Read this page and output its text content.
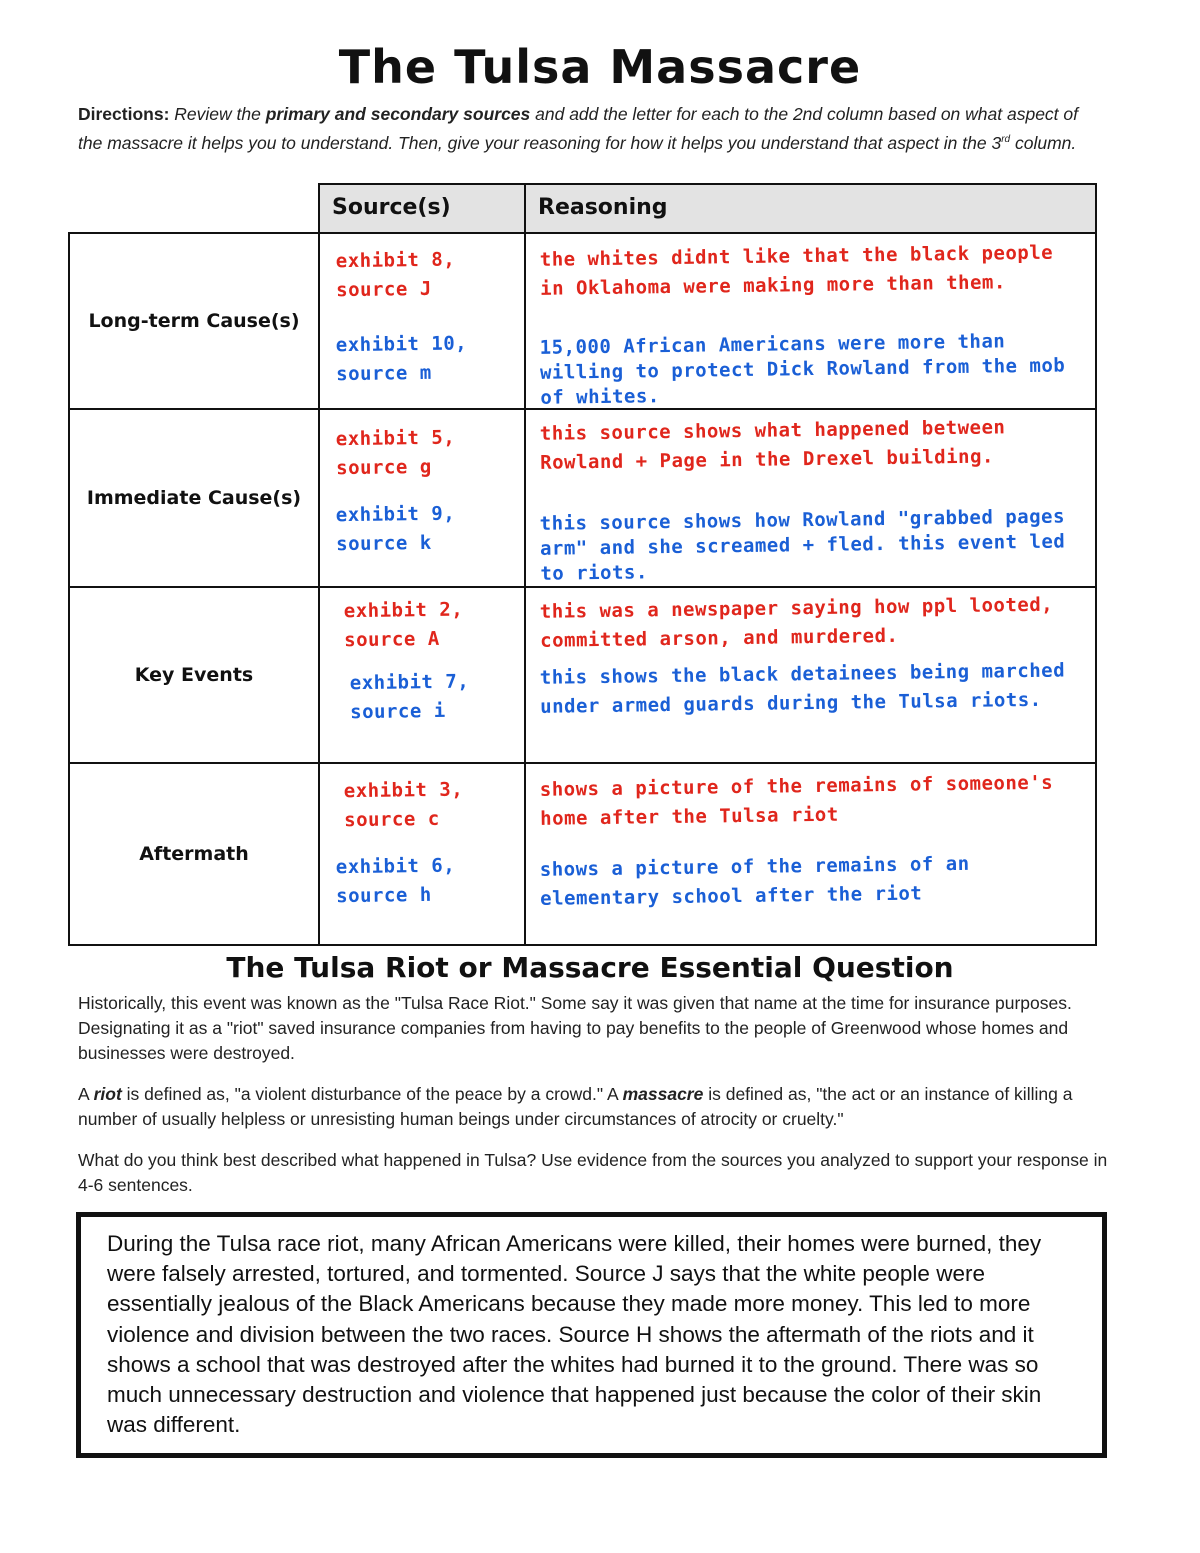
The Tulsa Massacre
Directions: Review the primary and secondary sources and add the letter for each to the 2nd column based on what aspect of the massacre it helps you to understand. Then, give your reasoning for how it helps you understand that aspect in the 3rd column.
Source(s)	Reasoning
Long-term Cause(s)
exhibit 8,
source J
exhibit 10,
source m
the whites didnt like that the black people in Oklahoma were making more than them.
15,000 African Americans were more than willing to protect Dick Rowland from the mob of whites.
Immediate Cause(s)
exhibit 5,
source g
exhibit 9,
source k
this source shows what happened between Rowland + Page in the Drexel building.
this source shows how Rowland "grabbed pages arm" and she screamed + fled. this event led to riots.
Key Events
exhibit 2,
source A
exhibit 7,
source i
this was a newspaper saying how ppl looted, committed arson, and murdered.
this shows the black detainees being marched under armed guards during the Tulsa riots.
Aftermath
exhibit 3,
source c
exhibit 6,
source h
shows a picture of the remains of someone's home after the Tulsa riot
shows a picture of the remains of an elementary school after the riot
The Tulsa Riot or Massacre Essential Question
Historically, this event was known as the "Tulsa Race Riot." Some say it was given that name at the time for insurance purposes. Designating it as a "riot" saved insurance companies from having to pay benefits to the people of Greenwood whose homes and businesses were destroyed.
A riot is defined as, "a violent disturbance of the peace by a crowd." A massacre is defined as, "the act or an instance of killing a number of usually helpless or unresisting human beings under circumstances of atrocity or cruelty."
What do you think best described what happened in Tulsa? Use evidence from the sources you analyzed to support your response in 4-6 sentences.
During the Tulsa race riot, many African Americans were killed, their homes were burned, they were falsely arrested, tortured, and tormented. Source J says that the white people were essentially jealous of the Black Americans because they made more money. This led to more violence and division between the two races. Source H shows the aftermath of the riots and it shows a school that was destroyed after the whites had burned it to the ground. There was so much unnecessary destruction and violence that happened just because the color of their skin was different.
